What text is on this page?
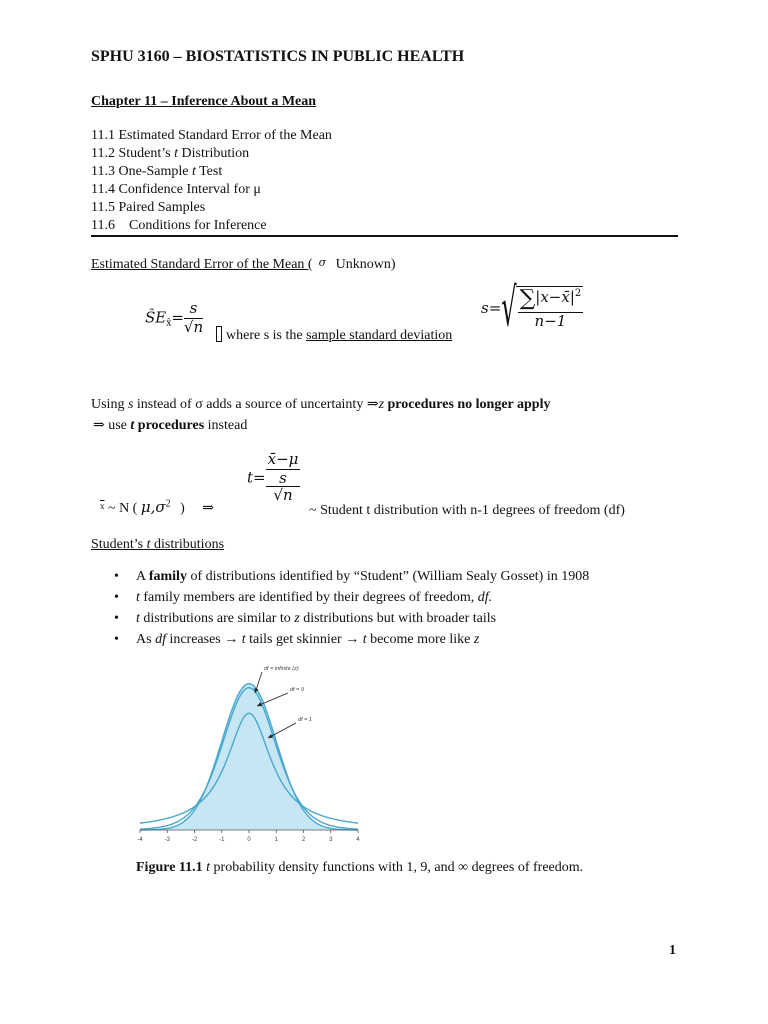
SPHU 3160 – BIOSTATISTICS IN PUBLIC HEALTH
Chapter 11 – Inference About a Mean
11.1 Estimated Standard Error of the Mean
11.2 Student’s t Distribution
11.3 One-Sample t Test
11.4 Confidence Interval for μ
11.5 Paired Samples
11.6    Conditions for Inference
Estimated Standard Error of the Mean ( σ Unknown)
$ŜE_{x̄}= \frac{s}{√n}$
where s is the sample standard deviation
$s=√ \frac{\sum|x-x̄|^2}{n-1}$
Using s instead of σ adds a source of uncertainty ⇒z procedures no longer apply
⇒ use t procedures instead
t=
x̄−μ
s
√n
$^{\overline{x}}$ ~ N ( $\mu,\sigma^2$ ) ⇒	~ Student t distribution with n-1 degrees of freedom (df)
Student’s t distributions
• A family of distributions identified by “Student” (William Sealy Gosset) in 1908
• t family members are identified by their degrees of freedom, df.
• t distributions are similar to z distributions but with broader tails
• As df increases → t tails get skinnier → t become more like z
-4	-3	-2	-1	0	1	2	3	4
df = infinite (z)
df = 9
df = 1
Figure 11.1 t probability density functions with 1, 9, and ∞ degrees of freedom.
1
